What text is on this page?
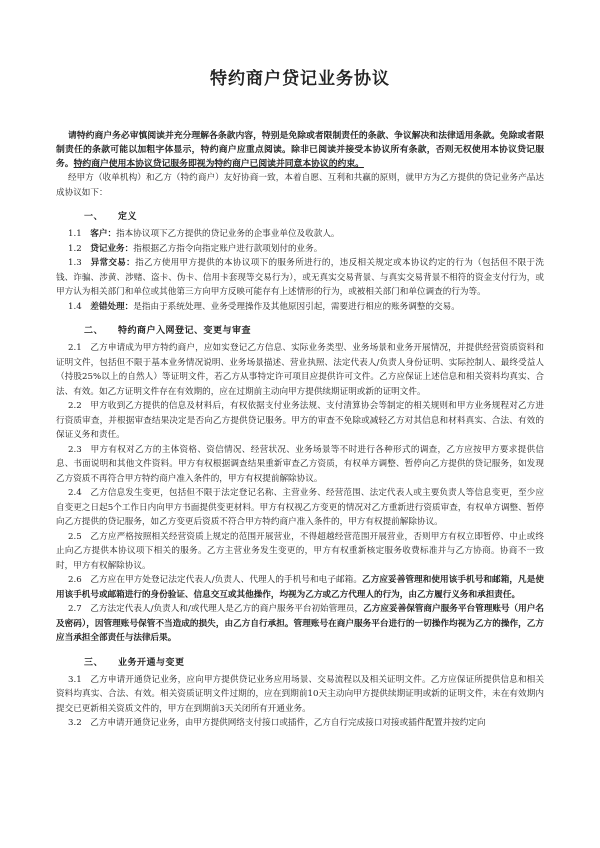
特约商户贷记业务协议

请特约商户务必审慎阅读并充分理解各条款内容，特别是免除或者限制责任的条款、争议解决和法律适用条款。免除或者限制责任的条款可能以加粗字体显示，特约商户应重点阅读。除非已阅读并接受本协议所有条款，否则无权使用本协议贷记服务。特约商户使用本协议贷记服务即视为特约商户已阅读并同意本协议的约束。

经甲方（收单机构）和乙方（特约商户）友好协商一致，本着自愿、互利和共赢的原则，就甲方为乙方提供的贷记业务产品达成协议如下：

一、 定义

1.1 客户：指本协议项下乙方提供的贷记业务的企事业单位及收款人。

1.2 贷记业务：指根据乙方指令向指定账户进行款项划付的业务。

1.3 异常交易：指乙方使用甲方提供的本协议项下的服务所进行的，违反相关规定或本协议约定的行为（包括但不限于洗钱、诈骗、涉黄、涉赌、盗卡、伪卡、信用卡套现等交易行为），或无真实交易背景、与真实交易背景不相符的资金支付行为，或甲方认为相关部门和单位或其他第三方向甲方反映可能存有上述情形的行为，或被相关部门和单位调查的行为等。

1.4 差错处理：是指由于系统处理、业务受理操作及其他原因引起，需要进行相应的账务调整的交易。

二、 特约商户入网登记、变更与审查

2.1 乙方申请成为甲方特约商户，应如实登记乙方信息、实际业务类型、业务场景和业务开展情况，并提供经营资质资料和证明文件，包括但不限于基本业务情况说明、业务场景描述、营业执照、法定代表人/负责人身份证明、实际控制人、最终受益人（持股25%以上的自然人）等证明文件，若乙方从事特定许可项目应提供许可文件。乙方应保证上述信息和相关资料均真实、合法、有效。如乙方证明文件存在有效期的，应在过期前主动向甲方提供续期证明或新的证明文件。

2.2 甲方收到乙方提供的信息及材料后，有权依据支付业务法规、支付清算协会等制定的相关规则和甲方业务规程对乙方进行资质审查，并根据审查结果决定是否向乙方提供贷记服务。甲方的审查不免除或减轻乙方对其信息和材料真实、合法、有效的保证义务和责任。

2.3 甲方有权对乙方的主体资格、资信情况、经营状况、业务场景等不时进行各种形式的调查，乙方应按甲方要求提供信息、书面说明和其他文件资料。甲方有权根据调查结果重新审查乙方资质，有权单方调整、暂停向乙方提供的贷记服务，如发现乙方资质不再符合甲方特约商户准入条件的，甲方有权提前解除协议。

2.4 乙方信息发生变更，包括但不限于法定登记名称、主营业务、经营范围、法定代表人或主要负责人等信息变更，至少应自变更之日起5个工作日内向甲方书面提供变更材料。甲方有权视乙方变更的情况对乙方重新进行资质审查，有权单方调整、暂停向乙方提供的贷记服务，如乙方变更后资质不符合甲方特约商户准入条件的，甲方有权提前解除协议。

2.5 乙方应严格按照相关经营资质上规定的范围开展营业，不得超越经营范围开展营业，否则甲方有权立即暂停、中止或终止向乙方提供本协议项下相关的服务。乙方主营业务发生变更的，甲方有权重新核定服务收费标准并与乙方协商。协商不一致时，甲方有权解除协议。

2.6 乙方应在甲方处登记法定代表人/负责人、代理人的手机号和电子邮箱。乙方应妥善管理和使用该手机号和邮箱，凡是使用该手机号或邮箱进行的身份验证、信息交互或其他操作，均视为乙方或乙方代理人的行为，由乙方履行义务和承担责任。

2.7 乙方法定代表人/负责人和/或代理人是乙方的商户服务平台初始管理员，乙方应妥善保管商户服务平台管理账号（用户名及密码），因管理账号保管不当造成的损失，由乙方自行承担。管理账号在商户服务平台进行的一切操作均视为乙方的操作，乙方应当承担全部责任与法律后果。

三、 业务开通与变更

3.1 乙方申请开通贷记业务，应向甲方提供贷记业务应用场景、交易流程以及相关证明文件。乙方应保证所提供信息和相关资料均真实、合法、有效。相关资质证明文件过期的，应在到期前10天主动向甲方提供续期证明或新的证明文件，未在有效期内提交已更新相关资质文件的，甲方在到期前3天关闭所有开通业务。

3.2 乙方申请开通贷记业务，由甲方提供网络支付接口或插件，乙方自行完成接口对接或插件配置并按约定向
